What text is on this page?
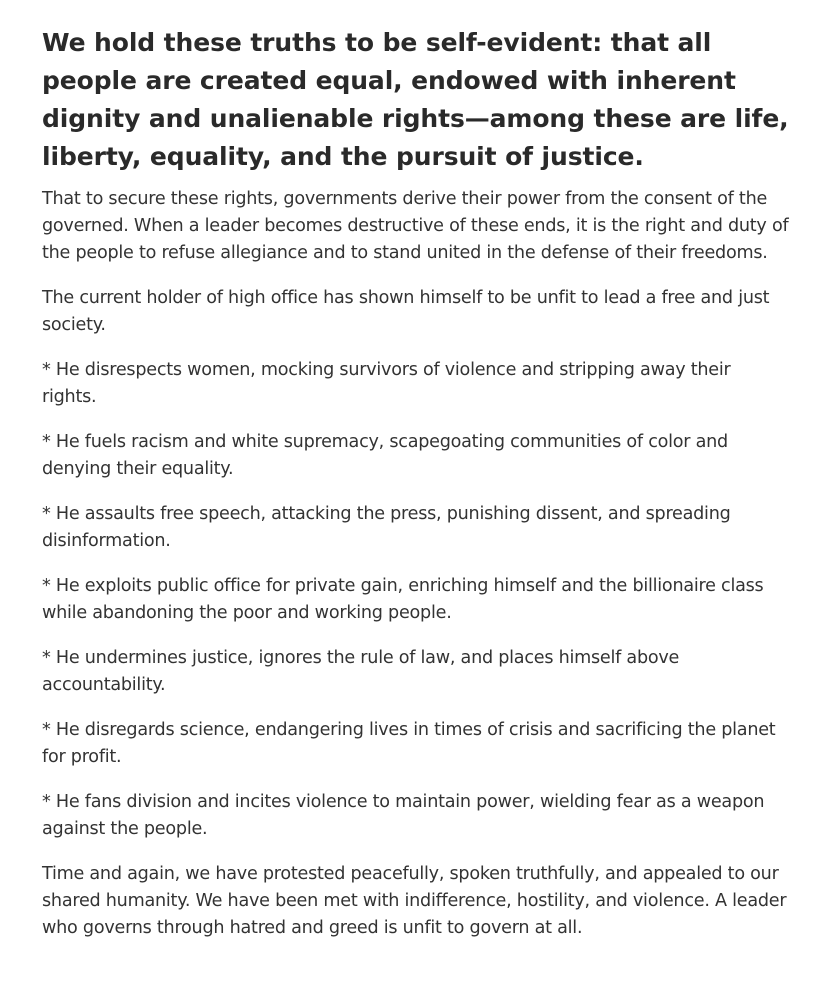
We hold these truths to be self-evident: that all people are created equal, endowed with inherent dignity and unalienable rights—among these are life, liberty, equality, and the pursuit of justice.

That to secure these rights, governments derive their power from the consent of the governed. When a leader becomes destructive of these ends, it is the right and duty of the people to refuse allegiance and to stand united in the defense of their freedoms.

The current holder of high office has shown himself to be unfit to lead a free and just society.

* He disrespects women, mocking survivors of violence and stripping away their rights.

* He fuels racism and white supremacy, scapegoating communities of color and denying their equality.

* He assaults free speech, attacking the press, punishing dissent, and spreading disinformation.

* He exploits public office for private gain, enriching himself and the billionaire class while abandoning the poor and working people.

* He undermines justice, ignores the rule of law, and places himself above accountability.

* He disregards science, endangering lives in times of crisis and sacrificing the planet for profit.

* He fans division and incites violence to maintain power, wielding fear as a weapon against the people.

Time and again, we have protested peacefully, spoken truthfully, and appealed to our shared humanity. We have been met with indifference, hostility, and violence. A leader who governs through hatred and greed is unfit to govern at all.
